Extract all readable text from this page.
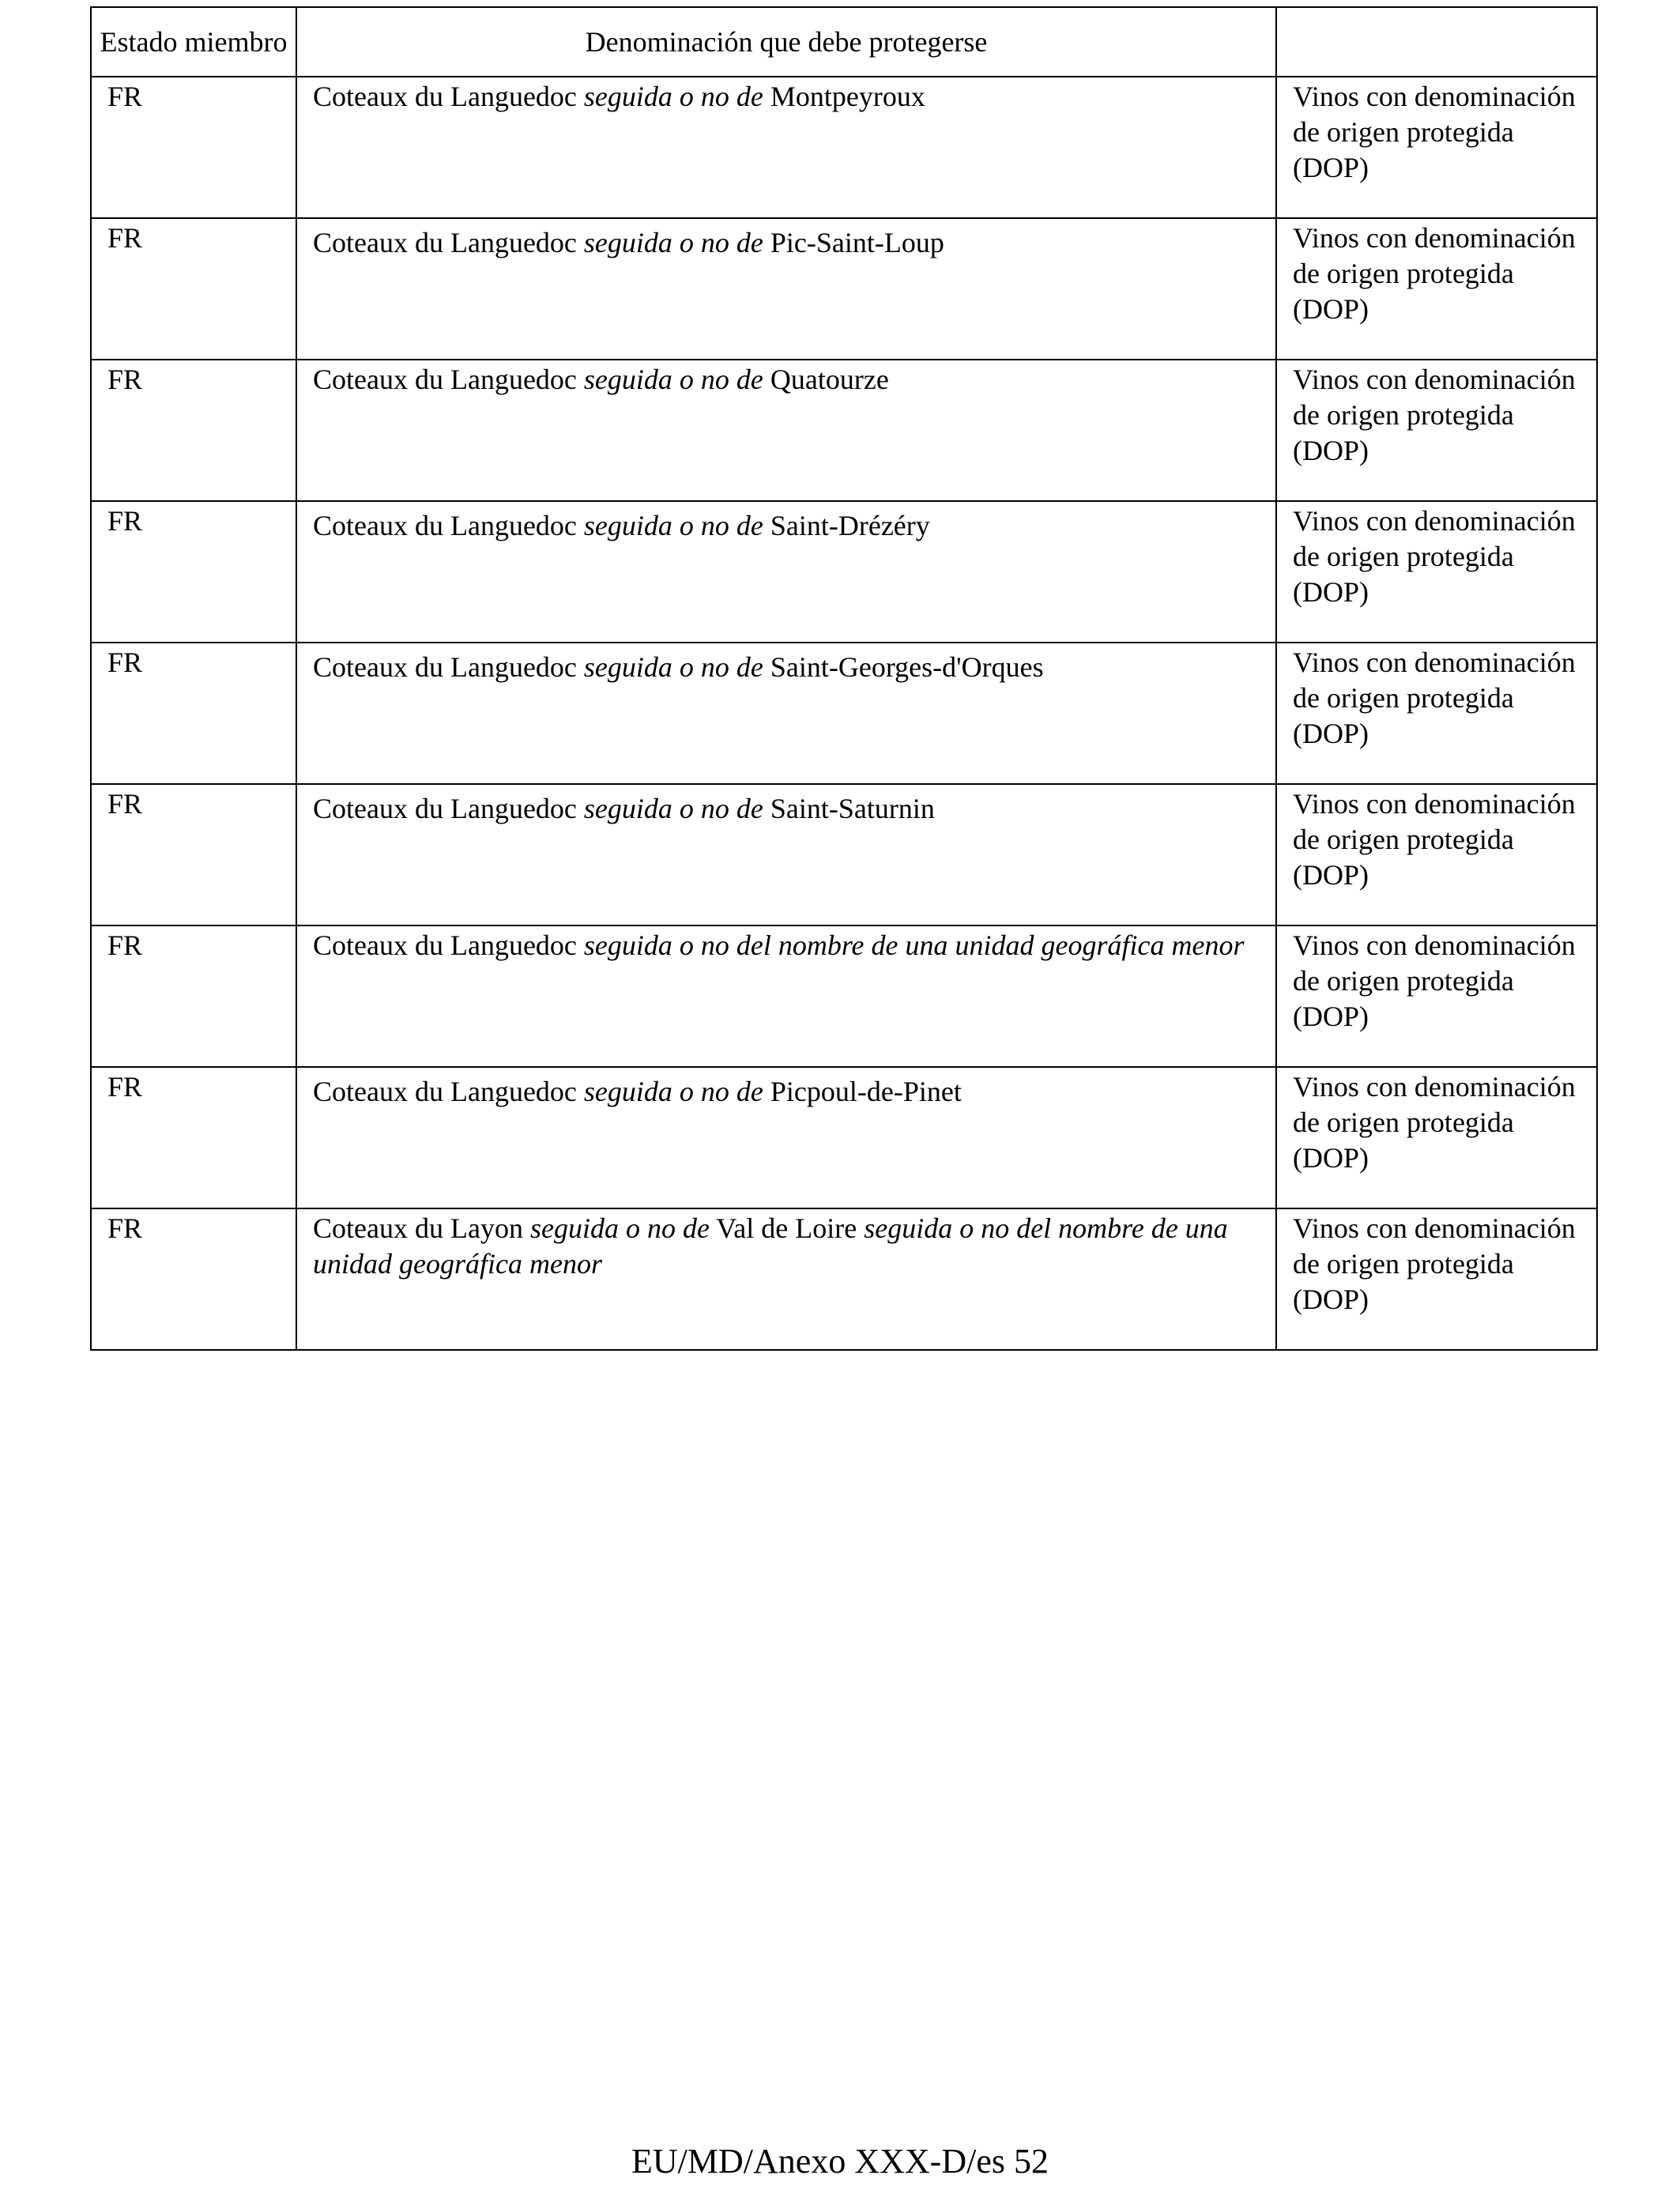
Estado miembro	Denominación que debe protegerse	
FR	Coteaux du Languedoc seguida o no de Montpeyroux	Vinos con denominación de origen protegida (DOP)
FR	Coteaux du Languedoc seguida o no de Pic-Saint-Loup	Vinos con denominación de origen protegida (DOP)
FR	Coteaux du Languedoc seguida o no de Quatourze	Vinos con denominación de origen protegida (DOP)
FR	Coteaux du Languedoc seguida o no de Saint-Drézéry	Vinos con denominación de origen protegida (DOP)
FR	Coteaux du Languedoc seguida o no de Saint-Georges-d'Orques	Vinos con denominación de origen protegida (DOP)
FR	Coteaux du Languedoc seguida o no de Saint-Saturnin	Vinos con denominación de origen protegida (DOP)
FR	Coteaux du Languedoc seguida o no del nombre de una unidad geográfica menor	Vinos con denominación de origen protegida (DOP)
FR	Coteaux du Languedoc seguida o no de Picpoul-de-Pinet	Vinos con denominación de origen protegida (DOP)
FR	Coteaux du Layon seguida o no de Val de Loire seguida o no del nombre de una unidad geográfica menor	Vinos con denominación de origen protegida (DOP)
EU/MD/Anexo XXX-D/es 52
